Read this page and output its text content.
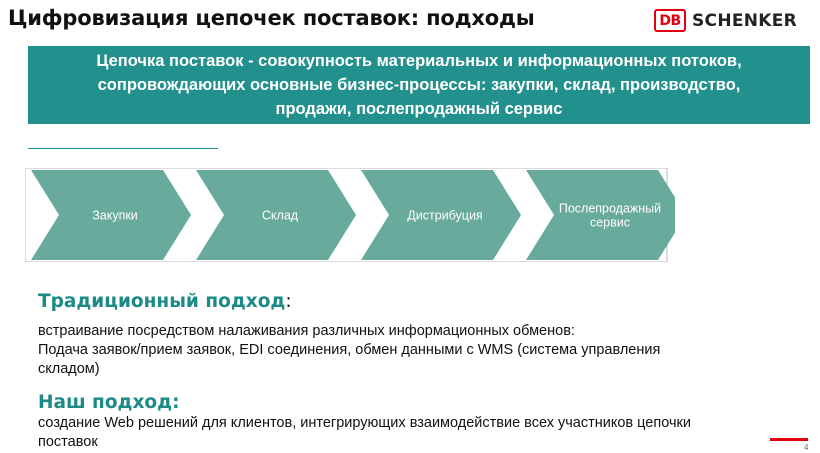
Цифровизация цепочек поставок: подходы	DB SCHENKER
Цепочка поставок - совокупность материальных и информационных потоков,
сопровождающих основные бизнес-процессы: закупки, склад, производство,
продажи, послепродажный сервис
Закупки	Склад	Дистрибуция	Послепродажный
сервис
Традиционный подход:
встраивание посредством налаживания различных информационных обменов:
Подача заявок/прием заявок, EDI соединения, обмен данными с WMS (система управления
складом)
Наш подход:
создание Web решений для клиентов, интегрирующих взаимодействие всех участников цепочки
поставок	4
